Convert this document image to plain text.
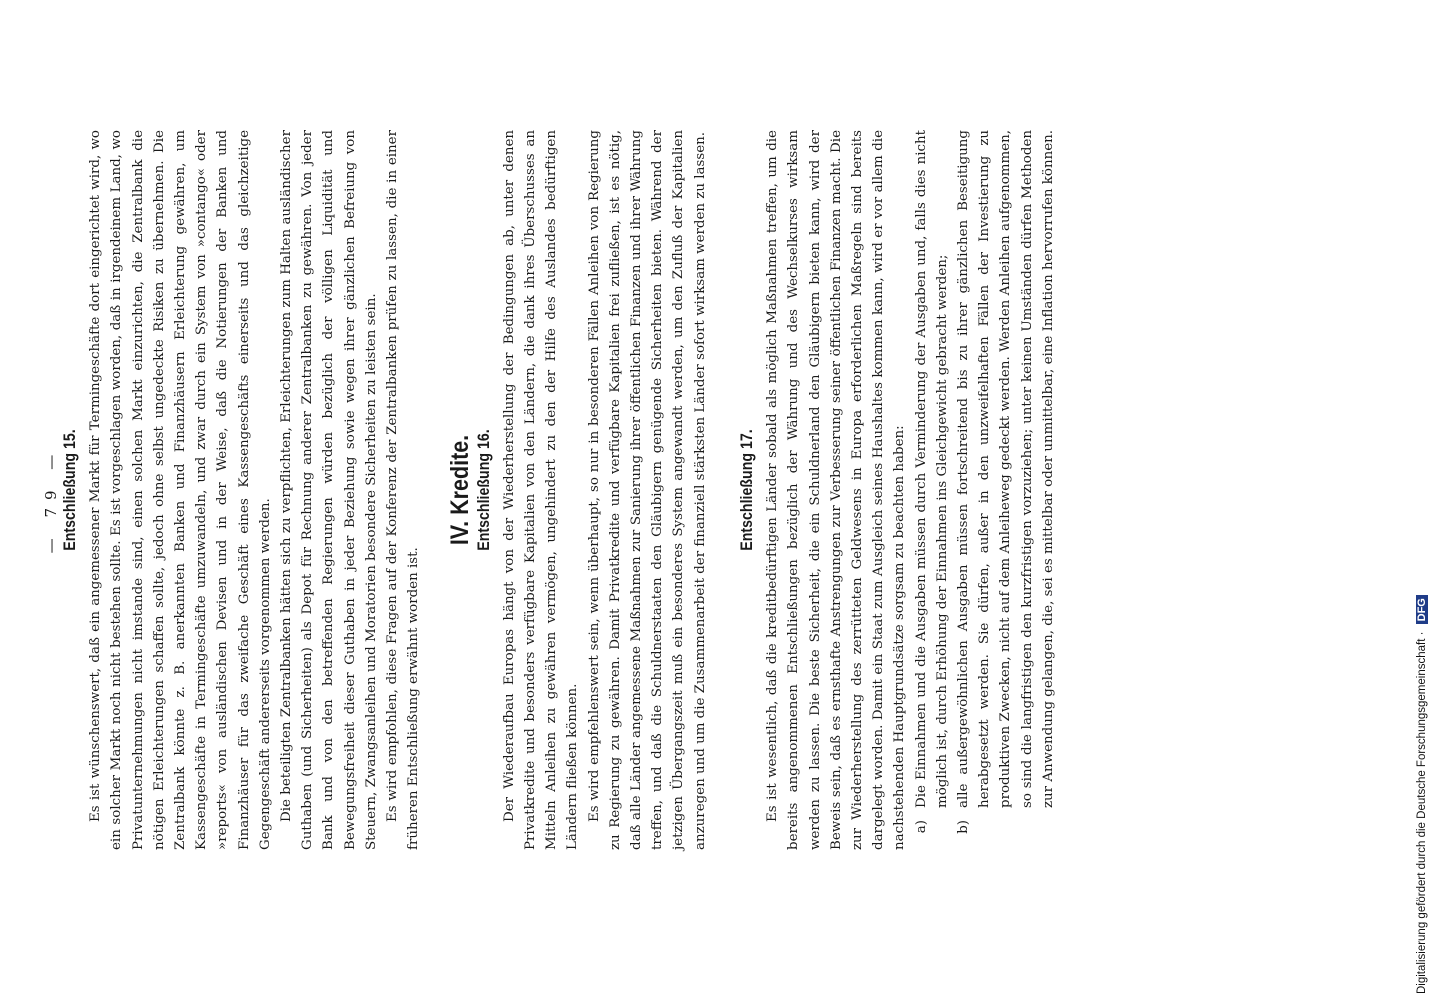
— 79 — Entschließung 15. Es ist wünschenswert, daß ein angemessener Markt für Termingeschäfte dort eingerichtet wird, wo ein solcher Markt noch nicht bestehen sollte. Es ist vorgeschlagen worden, daß in irgendeinem Land, wo Privatunternehmungen nicht imstande sind, einen solchen Markt einzurichten, die Zentralbank die nötigen Erleichterungen schaffen sollte, jedoch ohne selbst ungedeckte Risiken zu übernehmen. Die Zentralbank könnte z. B. anerkannten Banken und Finanzhäusern Erleichterung gewähren, um Kassengeschäfte in Termingeschäfte umzuwandeln, und zwar durch ein System von »contango« oder »reports« von ausländischen Devisen und in der Weise, daß die Notierungen der Banken und Finanzhäuser für das zweifache Geschäft eines Kassengeschäfts einerseits und das gleichzeitige Gegengeschäft andererseits vorgenommen werden. Die beteiligten Zentralbanken hätten sich zu verpflichten, Erleichterungen zum Halten ausländischer Guthaben (und Sicherheiten) als Depot für Rechnung anderer Zentralbanken zu gewähren. Von jeder Bank und von den betreffenden Regierungen würden bezüglich der völligen Liquidität und Bewegungsfreiheit dieser Guthaben in jeder Beziehung sowie wegen ihrer gänzlichen Befreiung von Steuern, Zwangsanleihen und Moratorien besondere Sicherheiten zu leisten sein. Es wird empfohlen, diese Fragen auf der Konferenz der Zentralbanken prüfen zu lassen, die in einer früheren Entschließung erwähnt worden ist.

IV. Kredite. Entschließung 16. Der Wiederaufbau Europas hängt von der Wiederherstellung der Bedingungen ab, unter denen Privatkredite und besonders verfügbare Kapitalien von den Ländern, die dank ihres Überschusses an Mitteln Anleihen zu gewähren vermögen, ungehindert zu den der Hilfe des Auslandes bedürftigen Ländern fließen können. Es wird empfehlenswert sein, wenn überhaupt, so nur in besonderen Fällen Anleihen von Regierung zu Regierung zu gewähren. Damit Privatkredite und verfügbare Kapitalien frei zufließen, ist es nötig, daß alle Länder angemessene Maßnahmen zur Sanierung ihrer öffentlichen Finanzen und ihrer Währung treffen, und daß die Schuldnerstaaten den Gläubigern genügende Sicherheiten bieten. Während der jetzigen Übergangszeit muß ein besonderes System angewandt werden, um den Zufluß der Kapitalien anzuregen und um die Zusammenarbeit der finanziell stärksten Länder sofort wirksam werden zu lassen. Entschließung 17. Es ist wesentlich, daß die kreditbedürftigen Länder sobald als möglich Maßnahmen treffen, um die bereits angenommenen Entschließungen bezüglich der Währung und des Wechselkurses wirksam werden zu lassen. Die beste Sicherheit, die ein Schuldnerland den Gläubigern bieten kann, wird der Beweis sein, daß es ernsthafte Anstrengungen zur Verbesserung seiner öffentlichen Finanzen macht. Die zur Wiederherstellung des zerrütteten Geldwesens in Europa erforderlichen Maßregeln sind bereits dargelegt worden. Damit ein Staat zum Ausgleich seines Haushaltes kommen kann, wird er vor allem die nachstehenden Hauptgrundsätze sorgsam zu beachten haben: a)
Die Einnahmen und die Ausgaben müssen durch Verminderung der Ausgaben und, falls dies nicht möglich ist, durch Erhöhung der Einnahmen ins Gleichgewicht gebracht werden;
b)
alle außergewöhnlichen Ausgaben müssen fortschreitend bis zu ihrer gänzlichen Beseitigung herabgesetzt werden. Sie dürfen, außer in den unzweifelhaften Fällen der Investierung zu produktiven Zwecken, nicht auf dem Anleiheweg gedeckt werden. Werden Anleihen aufgenommen, so sind die langfristigen den kurzfristigen vorzuziehen; unter keinen Umständen dürfen Methoden zur Anwendung gelangen, die, sei es mittelbar oder unmittelbar, eine Inflation hervorrufen können.
Digitalisierung gefördert durch die Deutsche Forschungsgemeinschaft · DFG
